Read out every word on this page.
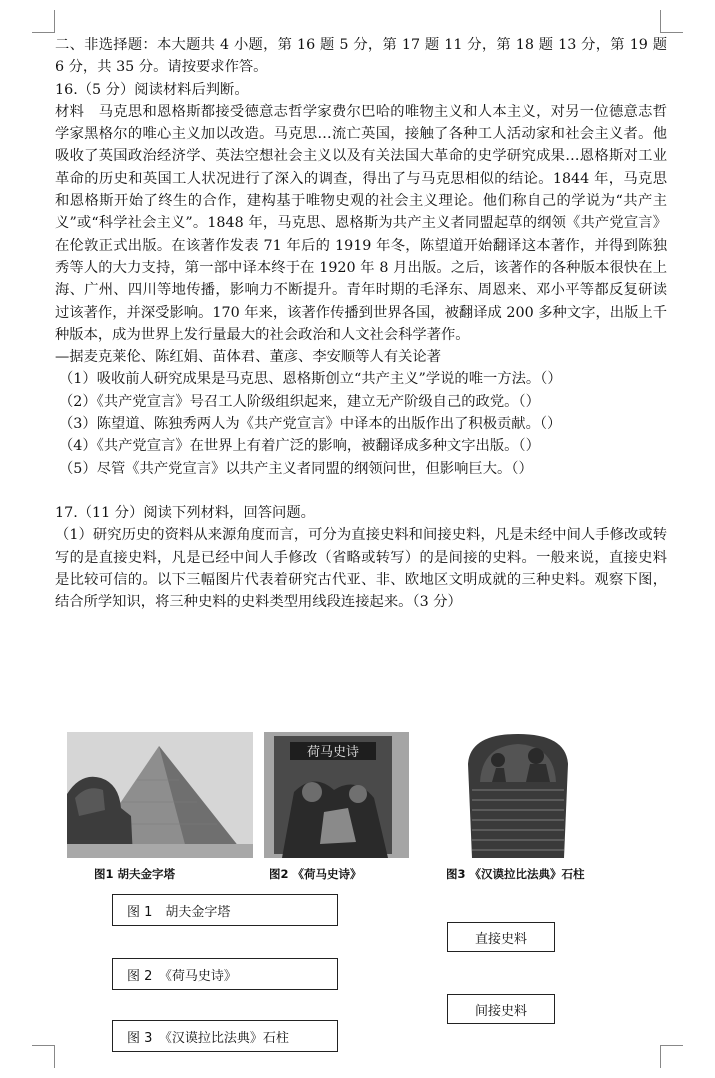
二、非选择题：本大题共 4 小题，第 16 题 5 分，第 17 题 11 分，第 18 题 13 分，第 19 题 6 分，共 35 分。请按要求作答。

16.（5 分）阅读材料后判断。

材料　马克思和恩格斯都接受德意志哲学家费尔巴哈的唯物主义和人本主义，对另一位德意志哲学家黑格尔的唯心主义加以改造。马克思…流亡英国，接触了各种工人活动家和社会主义者。他吸收了英国政治经济学、英法空想社会主义以及有关法国大革命的史学研究成果…恩格斯对工业革命的历史和英国工人状况进行了深入的调查，得出了与马克思相似的结论。1844 年，马克思和恩格斯开始了终生的合作，建构基于唯物史观的社会主义理论。他们称自己的学说为“共产主义”或“科学社会主义”。1848 年，马克思、恩格斯为共产主义者同盟起草的纲领《共产党宣言》在伦敦正式出版。在该著作发表 71 年后的 1919 年冬，陈望道开始翻译这本著作，并得到陈独秀等人的大力支持，第一部中译本终于在 1920 年 8 月出版。之后，该著作的各种版本很快在上海、广州、四川等地传播，影响力不断提升。青年时期的毛泽东、周恩来、邓小平等都反复研读过该著作，并深受影响。170 年来，该著作传播到世界各国，被翻译成 200 多种文字，出版上千种版本，成为世界上发行量最大的社会政治和人文社会科学著作。

—据麦克莱伦、陈红娟、苗体君、董彦、李安顺等人有关论著

（1）吸收前人研究成果是马克思、恩格斯创立“共产主义”学说的唯一方法。（）

（2）《共产党宣言》号召工人阶级组织起来，建立无产阶级自己的政党。（）

（3）陈望道、陈独秀两人为《共产党宣言》中译本的出版作出了积极贡献。（）

（4）《共产党宣言》在世界上有着广泛的影响，被翻译成多种文字出版。（）

（5）尽管《共产党宣言》以共产主义者同盟的纲领问世，但影响巨大。（）

17.（11 分）阅读下列材料，回答问题。

（1）研究历史的资料从来源角度而言，可分为直接史料和间接史料，凡是未经中间人手修改或转写的是直接史料，凡是已经中间人手修改（省略或转写）的是间接的史料。一般来说，直接史料是比较可信的。以下三幅图片代表着研究古代亚、非、欧地区文明成就的三种史料。观察下图，结合所学知识，将三种史料的史料类型用线段连接起来。（3 分）

荷马史诗
图1 胡夫金字塔	图2 《荷马史诗》	图3 《汉谟拉比法典》石柱
图 1　胡夫金字塔
图 2　《荷马史诗》
图 3　《汉谟拉比法典》石柱
直接史料
间接史料
